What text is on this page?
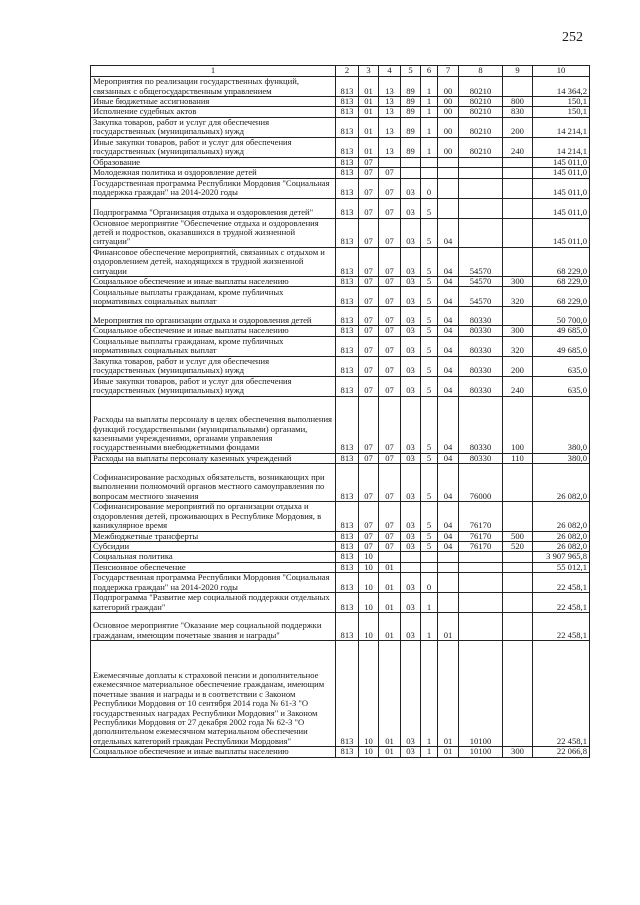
252
1	2	3	4	5	6	7	8	9	10
Мероприятия по реализации государственных функций, связанных с общегосударственным управлением	813	01	13	89	1	00	80210		14 364,2
Иные бюджетные ассигнования	813	01	13	89	1	00	80210	800	150,1
Исполнение судебных актов	813	01	13	89	1	00	80210	830	150,1
Закупка товаров, работ и услуг для обеспечения государственных (муниципальных) нужд	813	01	13	89	1	00	80210	200	14 214,1
Иные закупки товаров, работ и услуг для обеспечения государственных (муниципальных) нужд	813	01	13	89	1	00	80210	240	14 214,1
Образование	813	07							145 011,0
Молодежная политика и оздоровление детей	813	07	07						145 011,0
Государственная программа Республики Мордовия "Социальная поддержка граждан" на 2014-2020 годы	813	07	07	03	0				145 011,0
Подпрограмма "Организация отдыха и оздоровления детей"	813	07	07	03	5				145 011,0
Основное мероприятие "Обеспечение отдыха и оздоровления детей и подростков, оказавшихся в трудной жизненной ситуации"	813	07	07	03	5	04			145 011,0
Финансовое обеспечение мероприятий, связанных с отдыхом и оздоровлением детей, находящихся в трудной жизненной ситуации	813	07	07	03	5	04	54570		68 229,0
Социальное обеспечение и иные выплаты населению	813	07	07	03	5	04	54570	300	68 229,0
Социальные выплаты гражданам, кроме публичных нормативных социальных выплат	813	07	07	03	5	04	54570	320	68 229,0
Мероприятия по организации отдыха и оздоровления детей	813	07	07	03	5	04	80330		50 700,0
Социальное обеспечение и иные выплаты населению	813	07	07	03	5	04	80330	300	49 685,0
Социальные выплаты гражданам, кроме публичных нормативных социальных выплат	813	07	07	03	5	04	80330	320	49 685,0
Закупка товаров, работ и услуг для обеспечения государственных (муниципальных) нужд	813	07	07	03	5	04	80330	200	635,0
Иные закупки товаров, работ и услуг для обеспечения государственных (муниципальных) нужд	813	07	07	03	5	04	80330	240	635,0
Расходы на выплаты персоналу в целях обеспечения выполнения функций государственными (муниципальными) органами, казенными учреждениями, органами управления государственными внебюджетными фондами	813	07	07	03	5	04	80330	100	380,0
Расходы на выплаты персоналу казенных учреждений	813	07	07	03	5	04	80330	110	380,0
Софинансирование расходных обязательств, возникающих при выполнении полномочий органов местного самоуправления по вопросам местного значения	813	07	07	03	5	04	76000		26 082,0
Софинансирование мероприятий по организации отдыха и оздоровления детей, проживающих в Республике Мордовия, в каникулярное время	813	07	07	03	5	04	76170		26 082,0
Межбюджетные трансферты	813	07	07	03	5	04	76170	500	26 082,0
Субсидии	813	07	07	03	5	04	76170	520	26 082,0
Социальная политика	813	10							3 907 965,8
Пенсионное обеспечение	813	10	01						55 012,1
Государственная программа Республики Мордовия "Социальная поддержка граждан" на 2014-2020 годы	813	10	01	03	0				22 458,1
Подпрограмма "Развитие мер социальной поддержки отдельных категорий граждан"	813	10	01	03	1				22 458,1
Основное мероприятие "Оказание мер социальной поддержки гражданам, имеющим почетные звания и награды"	813	10	01	03	1	01			22 458,1
Ежемесячные доплаты к страховой пенсии и дополнительное ежемесячное материальное обеспечение гражданам, имеющим почетные звания и награды и в соответствии с Законом Республики Мордовия от 10 сентября 2014 года № 61-З "О государственных наградах Республики Мордовия" и Законом Республики Мордовия от 27 декабря 2002 года № 62-З "О дополнительном ежемесячном материальном обеспечении отдельных категорий граждан Республики Мордовия"	813	10	01	03	1	01	10100		22 458,1
Социальное обеспечение и иные выплаты населению	813	10	01	03	1	01	10100	300	22 066,8
